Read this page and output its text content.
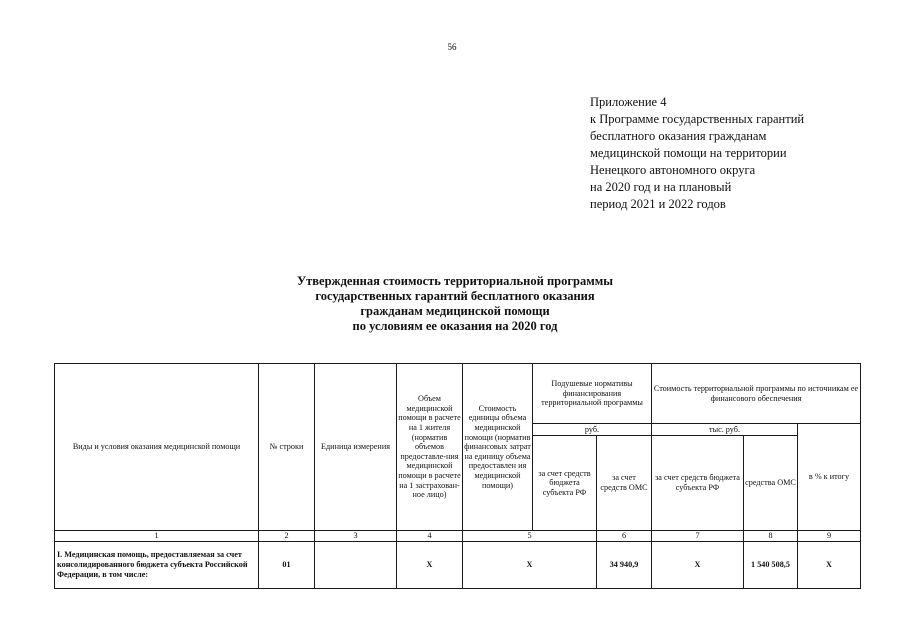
56
Приложение 4
к Программе государственных гарантий
бесплатного оказания гражданам
медицинской помощи на территории
Ненецкого автономного округа
на 2020 год и на плановый
период 2021 и 2022 годов
Утвержденная стоимость территориальной программы
государственных гарантий бесплатного оказания
гражданам медицинской помощи
по условиям ее оказания на 2020 год
Виды и условия оказания медицинской помощи	№ строки	Единица измерения	Объем медицинской помощи в расчете на 1 жителя (норматив объемов предоставле-ния медицинской помощи в расчете на 1 застрахован-ное лицо)	Стоимость единицы объема медицинской помощи (норматив финансовых затрат на единицу объема предоставлен ия медицинской помощи)	Подушевые нормативы финансирования территориальной программы		Стоимость территориальной программы по источникам ее финансового обеспечения		
					руб.		тыс. руб.		в % к итогу
					за счет средств бюджета субъекта РФ	за счет средств ОМС	за счет средств бюджета субъекта РФ	средства ОМС	
1	2	3	4	5		6	7	8	9
I. Медицинская помощь, предоставляемая за счет консолидированного бюджета субъекта Российской Федерации, в том числе:	01		X	X		34 940,9	X	1 540 508,5	X
